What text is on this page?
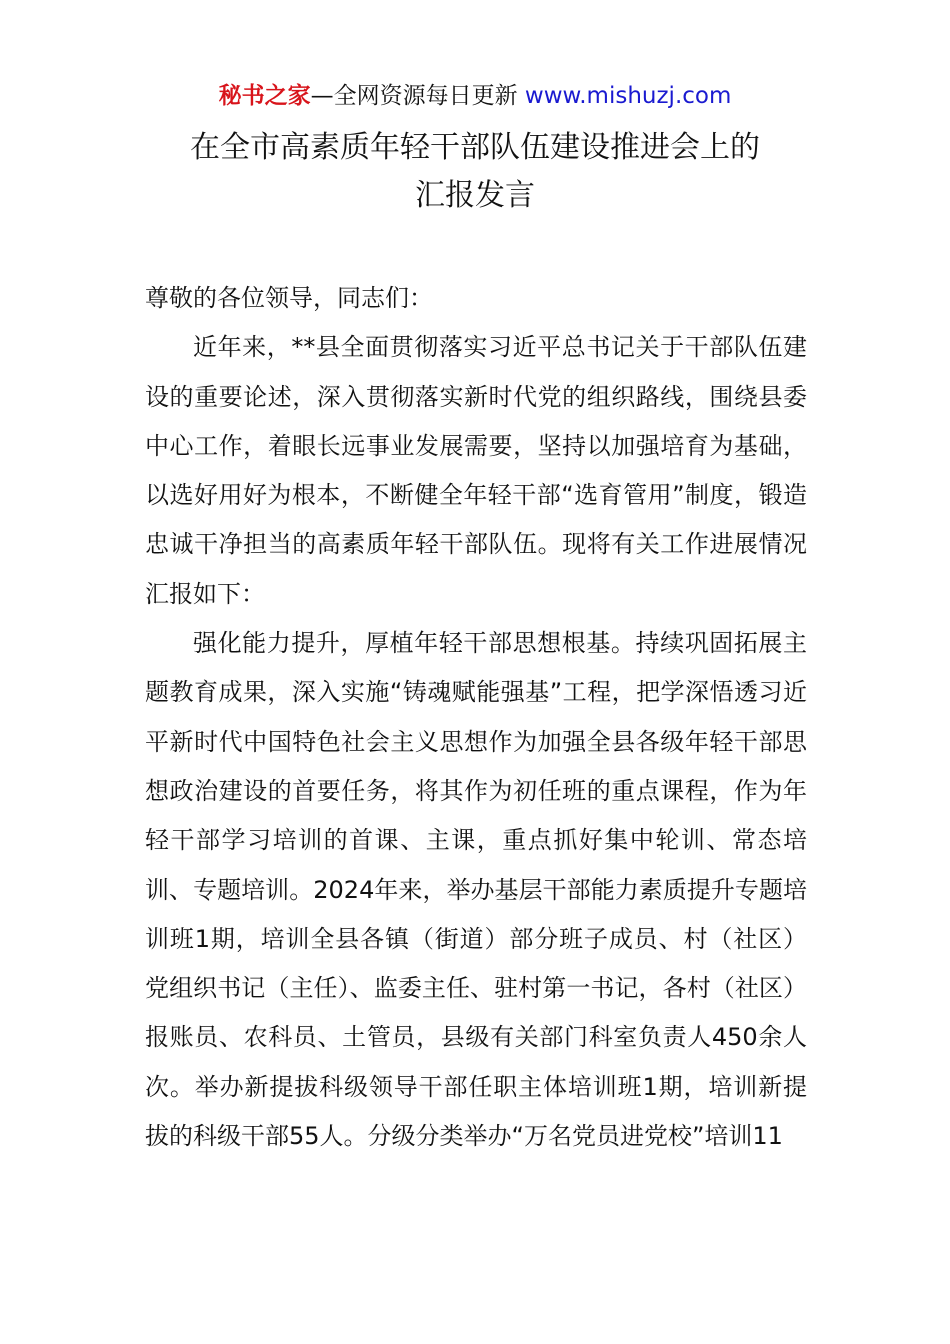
秘书之家—全网资源每日更新 www.mishuzj.com
在全市高素质年轻干部队伍建设推进会上的
汇报发言

尊敬的各位领导，同志们：

近年来，**县全面贯彻落实习近平总书记关于干部队伍建设的重要论述，深入贯彻落实新时代党的组织路线，围绕县委中心工作，着眼长远事业发展需要，坚持以加强培育为基础，以选好用好为根本，不断健全年轻干部“选育管用”制度，锻造忠诚干净担当的高素质年轻干部队伍。现将有关工作进展情况汇报如下：

强化能力提升，厚植年轻干部思想根基。持续巩固拓展主题教育成果，深入实施“铸魂赋能强基”工程，把学深悟透习近平新时代中国特色社会主义思想作为加强全县各级年轻干部思想政治建设的首要任务，将其作为初任班的重点课程，作为年轻干部学习培训的首课、主课，重点抓好集中轮训、常态培训、专题培训。2024年来，举办基层干部能力素质提升专题培训班1期，培训全县各镇（街道）部分班子成员、村（社区）党组织书记（主任）、监委主任、驻村第一书记，各村（社区）报账员、农科员、土管员，县级有关部门科室负责人450余人次。举办新提拔科级领导干部任职主体培训班1期，培训新提拔的科级干部55人。分级分类举办“万名党员进党校”培训11
